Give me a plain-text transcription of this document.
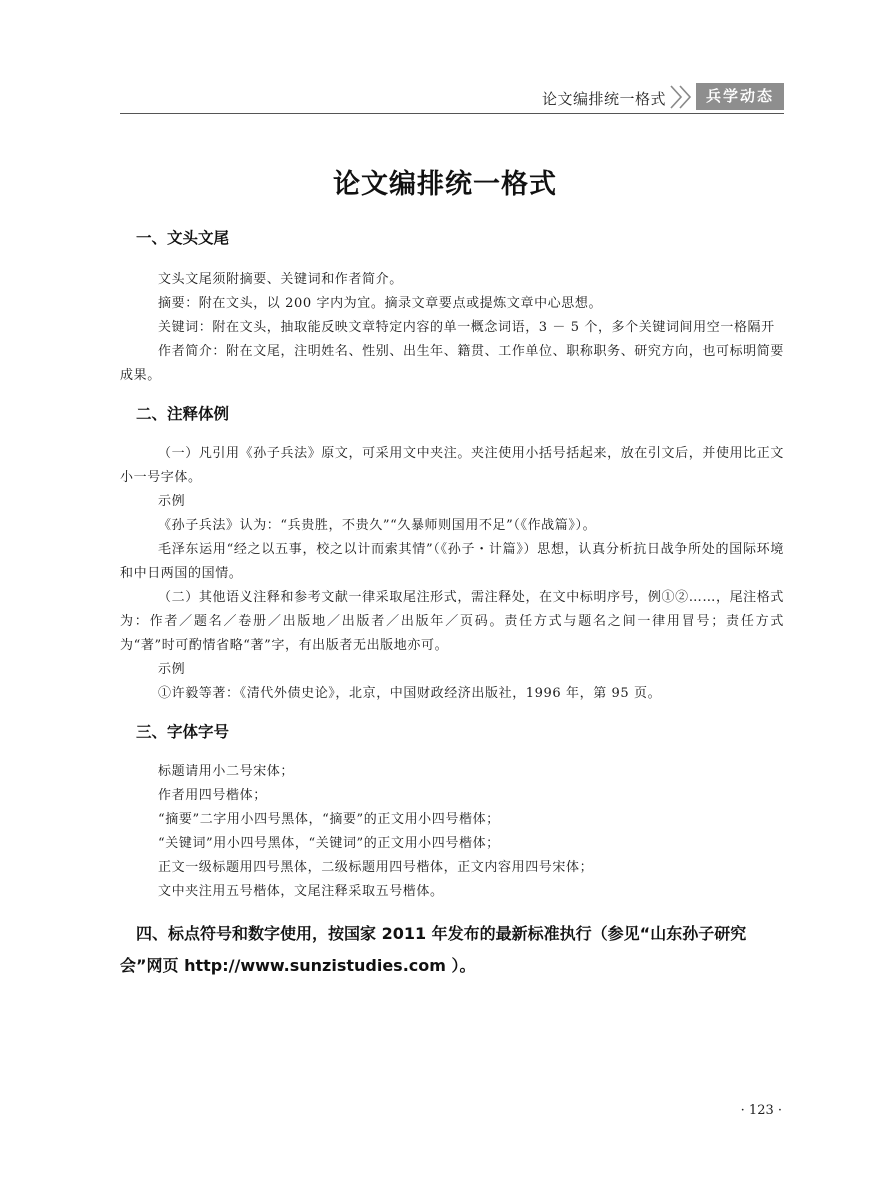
论文编排统一格式	兵学动态
论文编排统一格式
一、文头文尾

文头文尾须附摘要、关键词和作者简介。

摘要：附在文头，以 200 字内为宜。摘录文章要点或提炼文章中心思想。

关键词：附在文头，抽取能反映文章特定内容的单一概念词语，3 － 5 个，多个关键词间用空一格隔开

作者简介：附在文尾，注明姓名、性别、出生年、籍贯、工作单位、职称职务、研究方向，也可标明简要成果。

二、注释体例

（一）凡引用《孙子兵法》原文，可采用文中夹注。夹注使用小括号括起来，放在引文后，并使用比正文小一号字体。

示例

《孙子兵法》认为：“兵贵胜，不贵久”“久暴师则国用不足”（《作战篇》）。

毛泽东运用“经之以五事，校之以计而索其情”（《孙子・计篇》）思想，认真分析抗日战争所处的国际环境和中日两国的国情。

（二）其他语义注释和参考文献一律采取尾注形式，需注释处，在文中标明序号，例①②……，尾注格式为：作者／题名／卷册／出版地／出版者／出版年／页码。责任方式与题名之间一律用冒号；责任方式为“著”时可酌情省略“著”字，有出版者无出版地亦可。

示例

①许毅等著：《清代外债史论》，北京，中国财政经济出版社，1996 年，第 95 页。

三、字体字号

标题请用小二号宋体；

作者用四号楷体；

“摘要”二字用小四号黑体，“摘要”的正文用小四号楷体；

“关键词”用小四号黑体，“关键词”的正文用小四号楷体；

正文一级标题用四号黑体，二级标题用四号楷体，正文内容用四号宋体；

文中夹注用五号楷体，文尾注释采取五号楷体。

四、标点符号和数字使用，按国家 2011 年发布的最新标准执行（参见“山东孙子研究会”网页 http://www.sunzistudies.com ）。

· 123 ·
